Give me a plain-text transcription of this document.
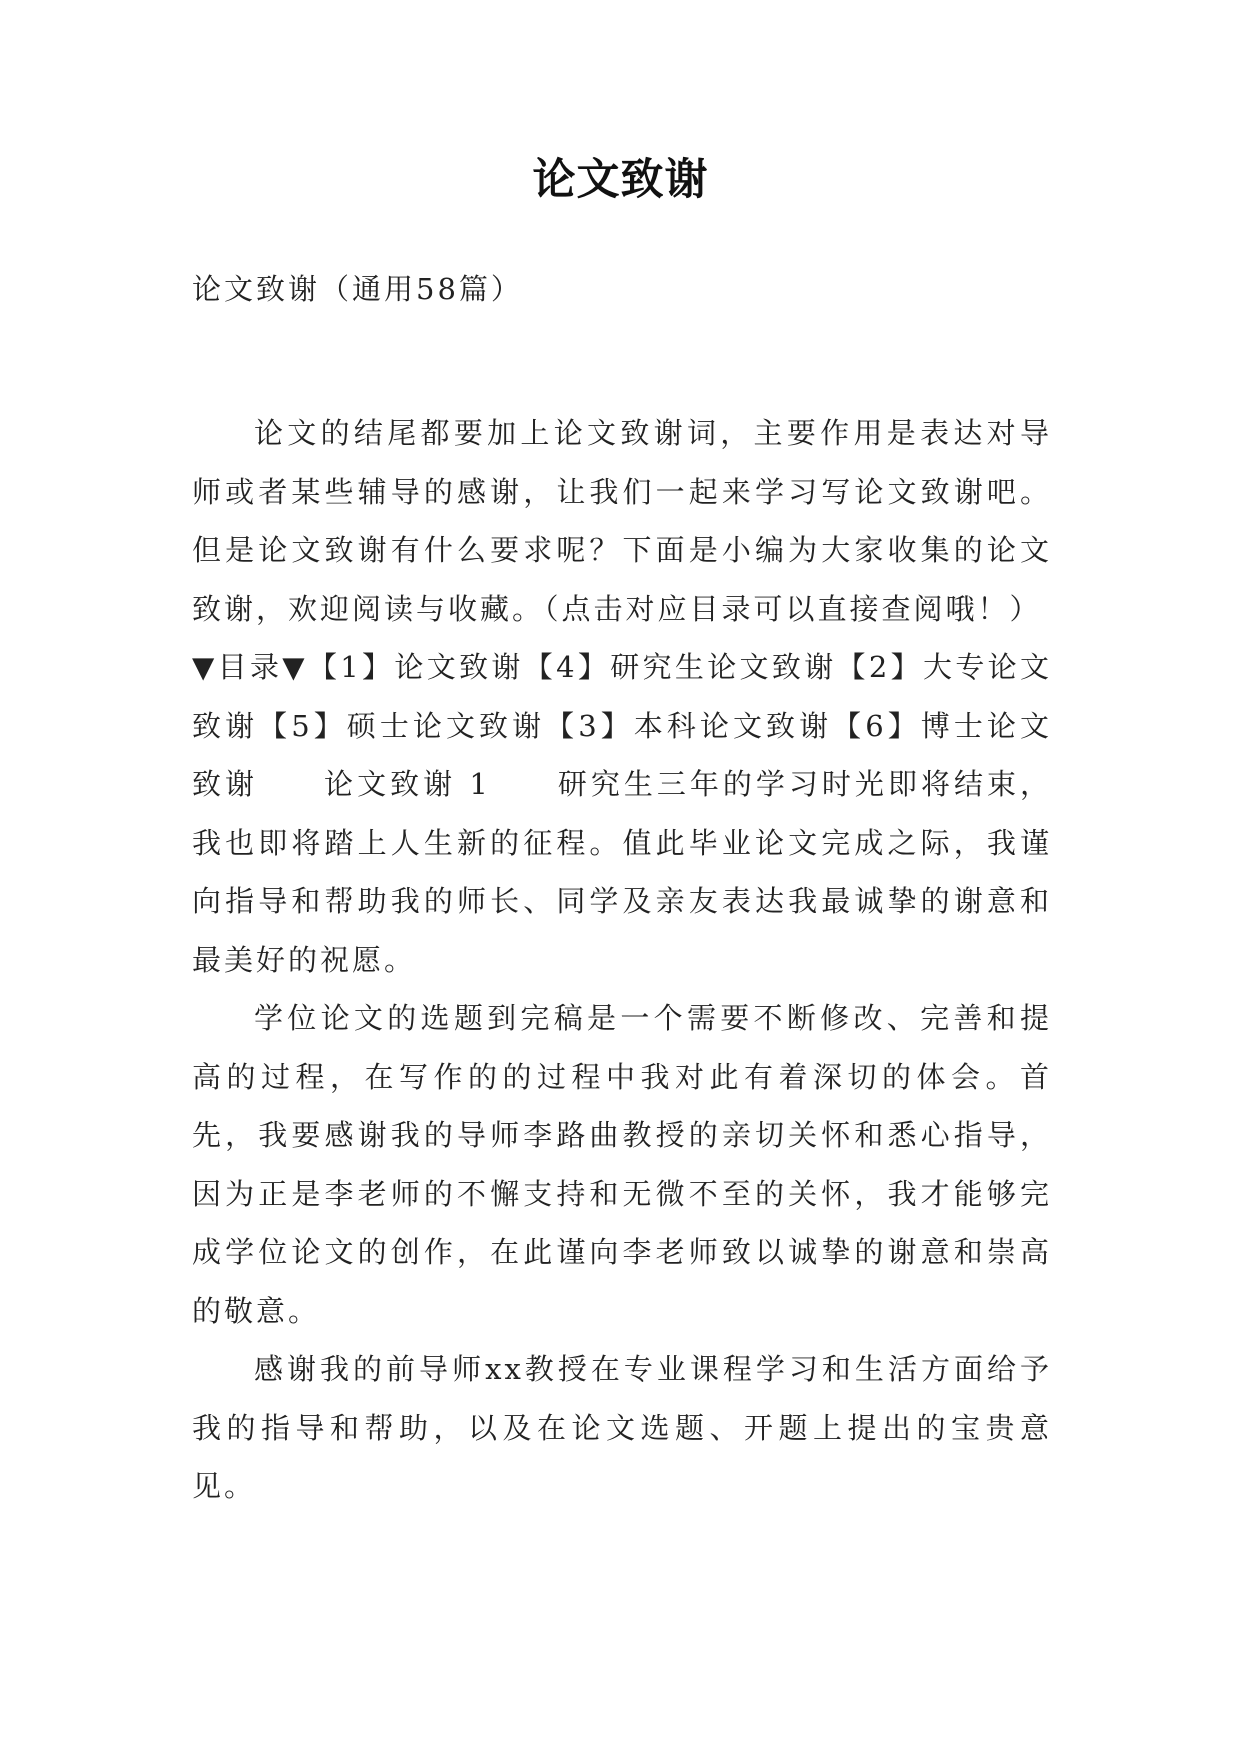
论文致谢
论文致谢（通用58篇）

论文的结尾都要加上论文致谢词，主要作用是表达对导师或者某些辅导的感谢，让我们一起来学习写论文致谢吧。但是论文致谢有什么要求呢？下面是小编为大家收集的论文致谢，欢迎阅读与收藏。（点击对应目录可以直接查阅哦！）

▼目录▼【1】论文致谢【4】研究生论文致谢【2】大专论文致谢【5】硕士论文致谢【3】本科论文致谢【6】博士论文致谢　　论文致谢 1　　研究生三年的学习时光即将结束，我也即将踏上人生新的征程。值此毕业论文完成之际，我谨向指导和帮助我的师长、同学及亲友表达我最诚挚的谢意和最美好的祝愿。

学位论文的选题到完稿是一个需要不断修改、完善和提高的过程，在写作的的过程中我对此有着深切的体会。首先，我要感谢我的导师李路曲教授的亲切关怀和悉心指导，因为正是李老师的不懈支持和无微不至的关怀，我才能够完成学位论文的创作，在此谨向李老师致以诚挚的谢意和崇高的敬意。

感谢我的前导师xx教授在专业课程学习和生活方面给予我的指导和帮助，以及在论文选题、开题上提出的宝贵意见。
